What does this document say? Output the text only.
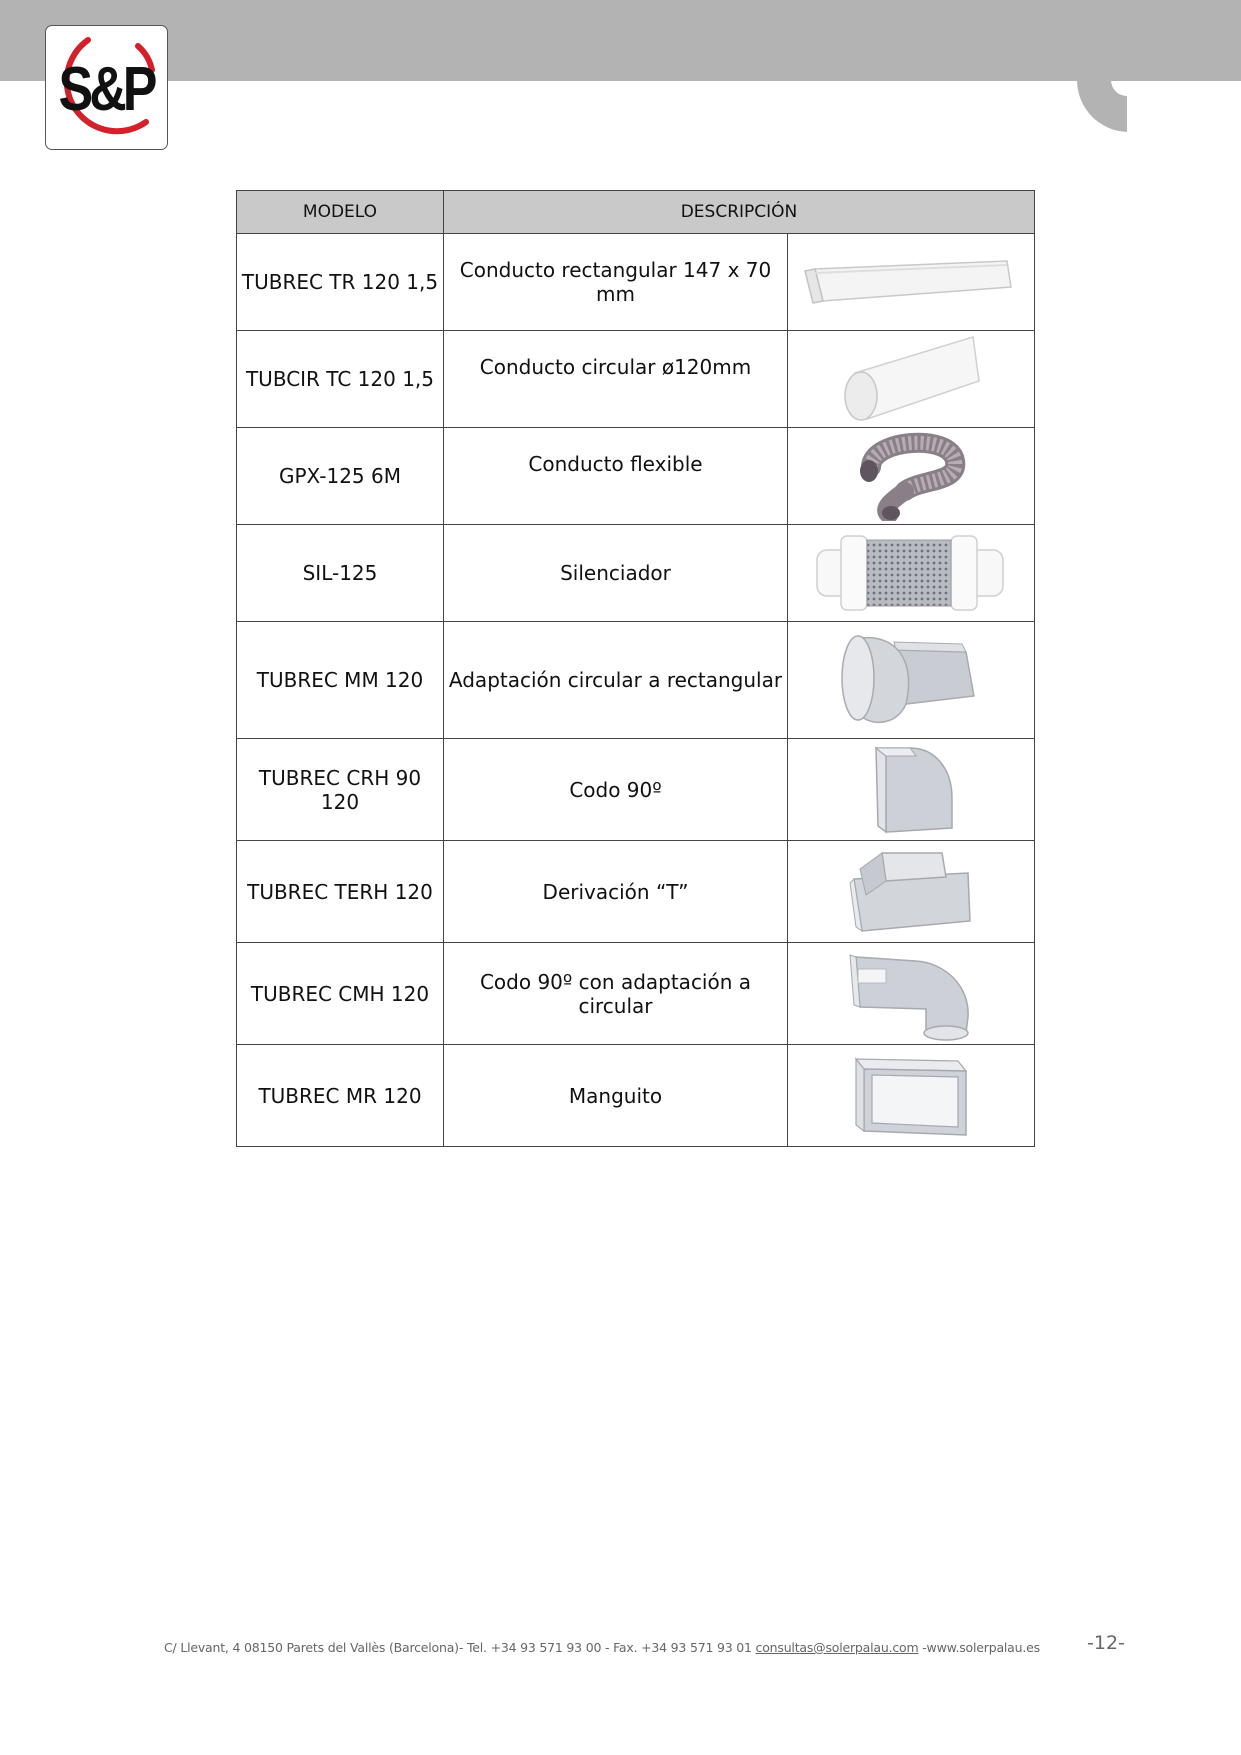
S&P
MODELO	DESCRIPCIÓN	
TUBREC TR 120 1,5	Conducto rectangular 147 x 70 mm	

TUBCIR TC 120 1,5	Conducto circular ø120mm	

GPX-125 6M	Conducto flexible	

SIL-125	Silenciador	

TUBREC MM 120	Adaptación circular a rectangular	

TUBREC CRH 90 120	Codo 90º	

TUBREC TERH 120	Derivación “T”	

TUBREC CMH 120	Codo 90º con adaptación a circular	

TUBREC MR 120	Manguito	
C/ Llevant, 4 08150 Parets del Vallès (Barcelona)- Tel. +34 93 571 93 00 - Fax. +34 93 571 93 01 consultas@solerpalau.com -www.solerpalau.es -12-
